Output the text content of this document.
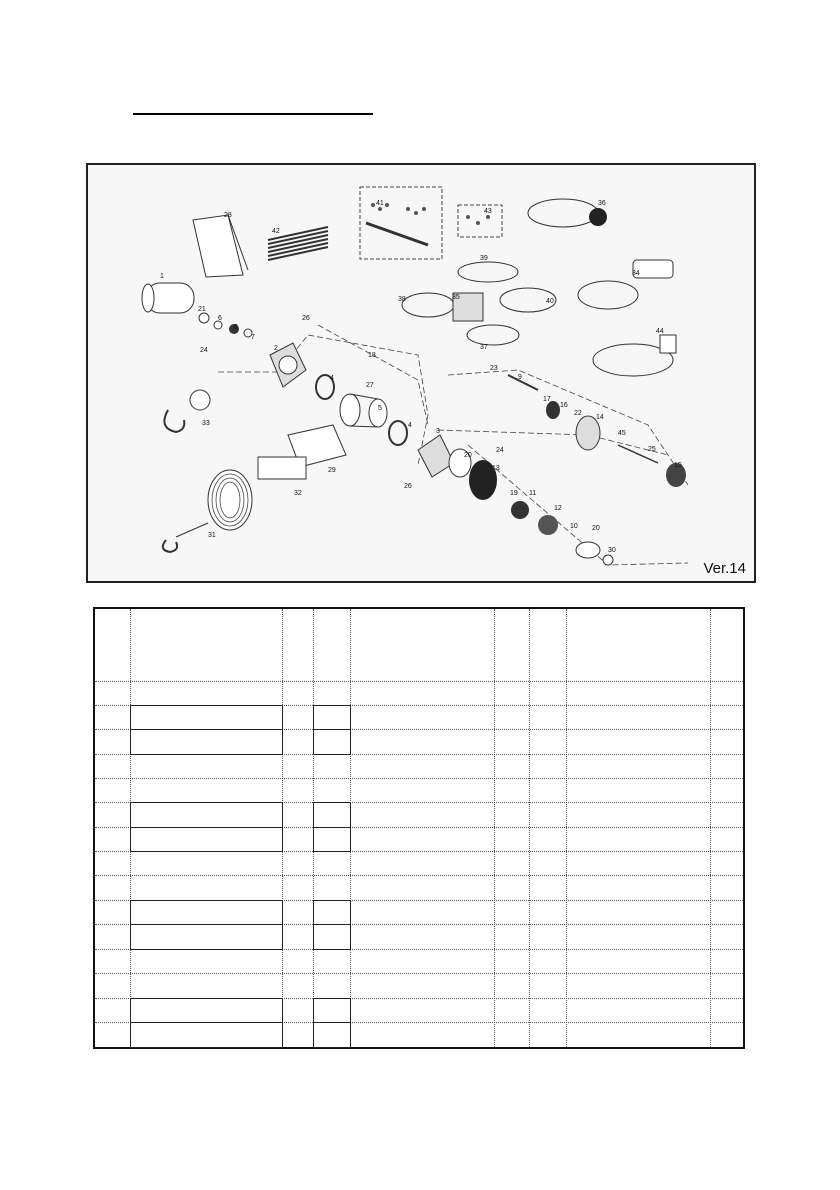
1
2
3
4
4
5
6
7
8
9
10
11
12
13
14
15
16
17
18
19
20
20
21
22
23
24
24	25
26
26
27
28
29
30
31
32
33
34
35
36
37
38
39
40
41
42
43
44
45
Ver.14
